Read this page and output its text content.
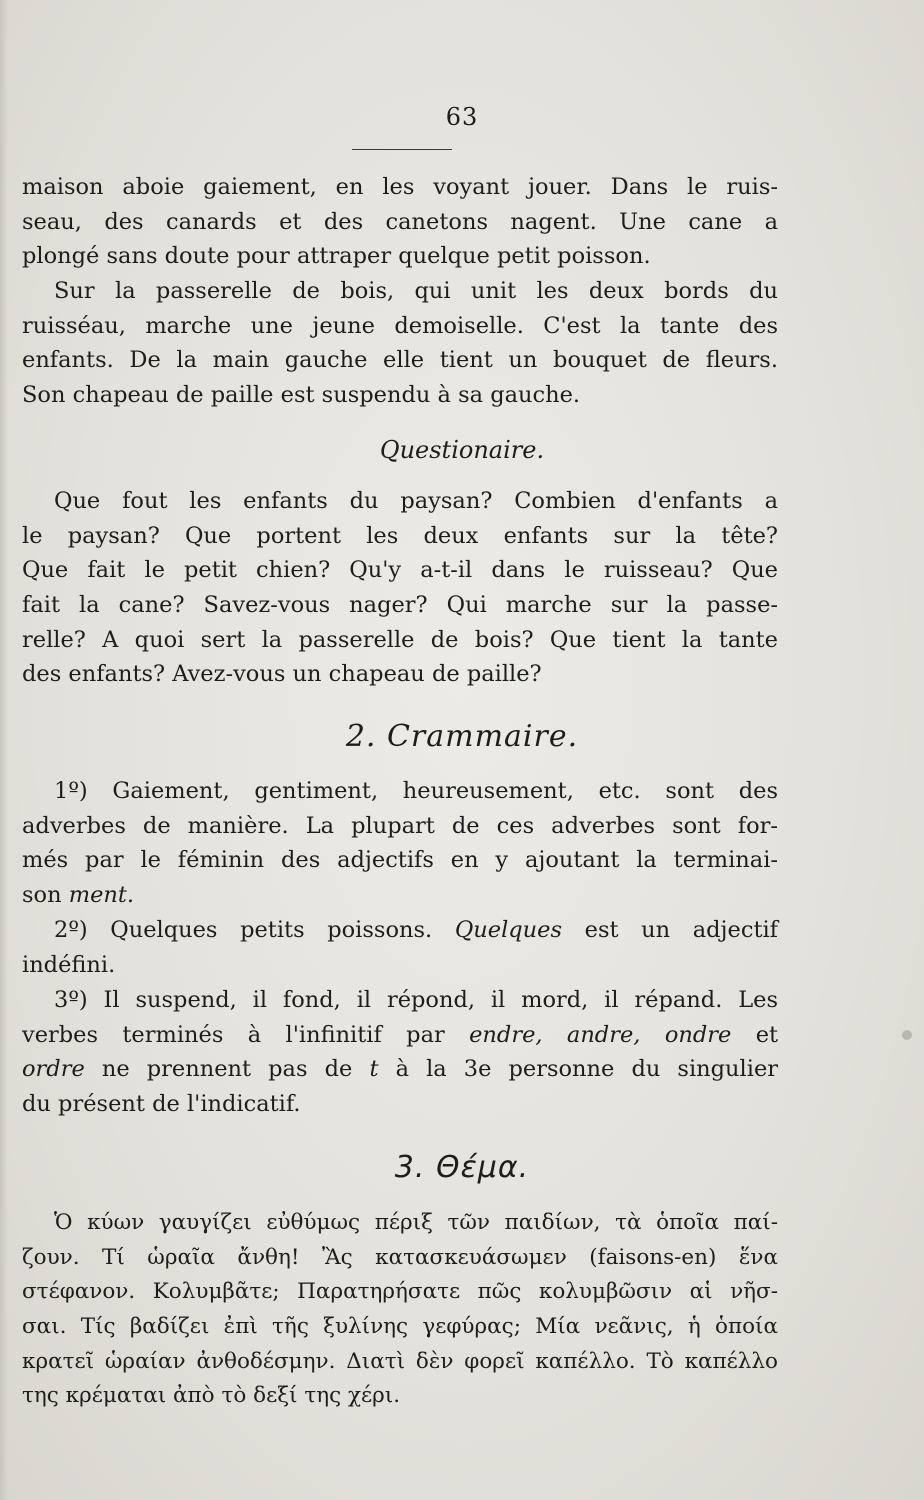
63
maison aboie gaiement, en les voyant jouer. Dans le ruis-
seau, des canards et des canetons nagent. Une cane a
plongé sans doute pour attraper quelque petit poisson.
Sur la passerelle de bois, qui unit les deux bords du
ruisséau, marche une jeune demoiselle. C'est la tante des
enfants. De la main gauche elle tient un bouquet de fleurs.
Son chapeau de paille est suspendu à sa gauche.
Questionaire.
Que fout les enfants du paysan? Combien d'enfants a
le paysan? Que portent les deux enfants sur la tête?
Que fait le petit chien? Qu'y a-t-il dans le ruisseau? Que
fait la cane? Savez-vous nager? Qui marche sur la passe-
relle? A quoi sert la passerelle de bois? Que tient la tante
des enfants? Avez-vous un chapeau de paille?
2. Crammaire.
1º) Gaiement, gentiment, heureusement, etc. sont des
adverbes de manière. La plupart de ces adverbes sont for-
més par le féminin des adjectifs en y ajoutant la terminai-
son ment.
2º) Quelques petits poissons. Quelques est un adjectif
indéfini.
3º) Il suspend, il fond, il répond, il mord, il répand. Les
verbes terminés à l'infinitif par endre, andre, ondre et
ordre ne prennent pas de t à la 3e personne du singulier
du présent de l'indicatif.
3. Θέμα.
Ὁ κύων γαυγίζει εὐθύμως πέριξ τῶν παιδίων, τὰ ὁποῖα παί-
ζουν. Τί ὡραῖα ἄνθη! Ἂς κατασκευάσωμεν (faisons-en) ἕνα
στέφανον. Κολυμβᾶτε; Παρατηρήσατε πῶς κολυμβῶσιν αἱ νῆσ-
σαι. Τίς βαδίζει ἐπὶ τῆς ξυλίνης γεφύρας; Μία νεᾶνις, ἡ ὁποία
κρατεῖ ὡραίαν ἀνθοδέσμην. Διατὶ δὲν φορεῖ καπέλλο. Τὸ καπέλλο
της κρέμαται ἀπὸ τὸ δεξί της χέρι.
